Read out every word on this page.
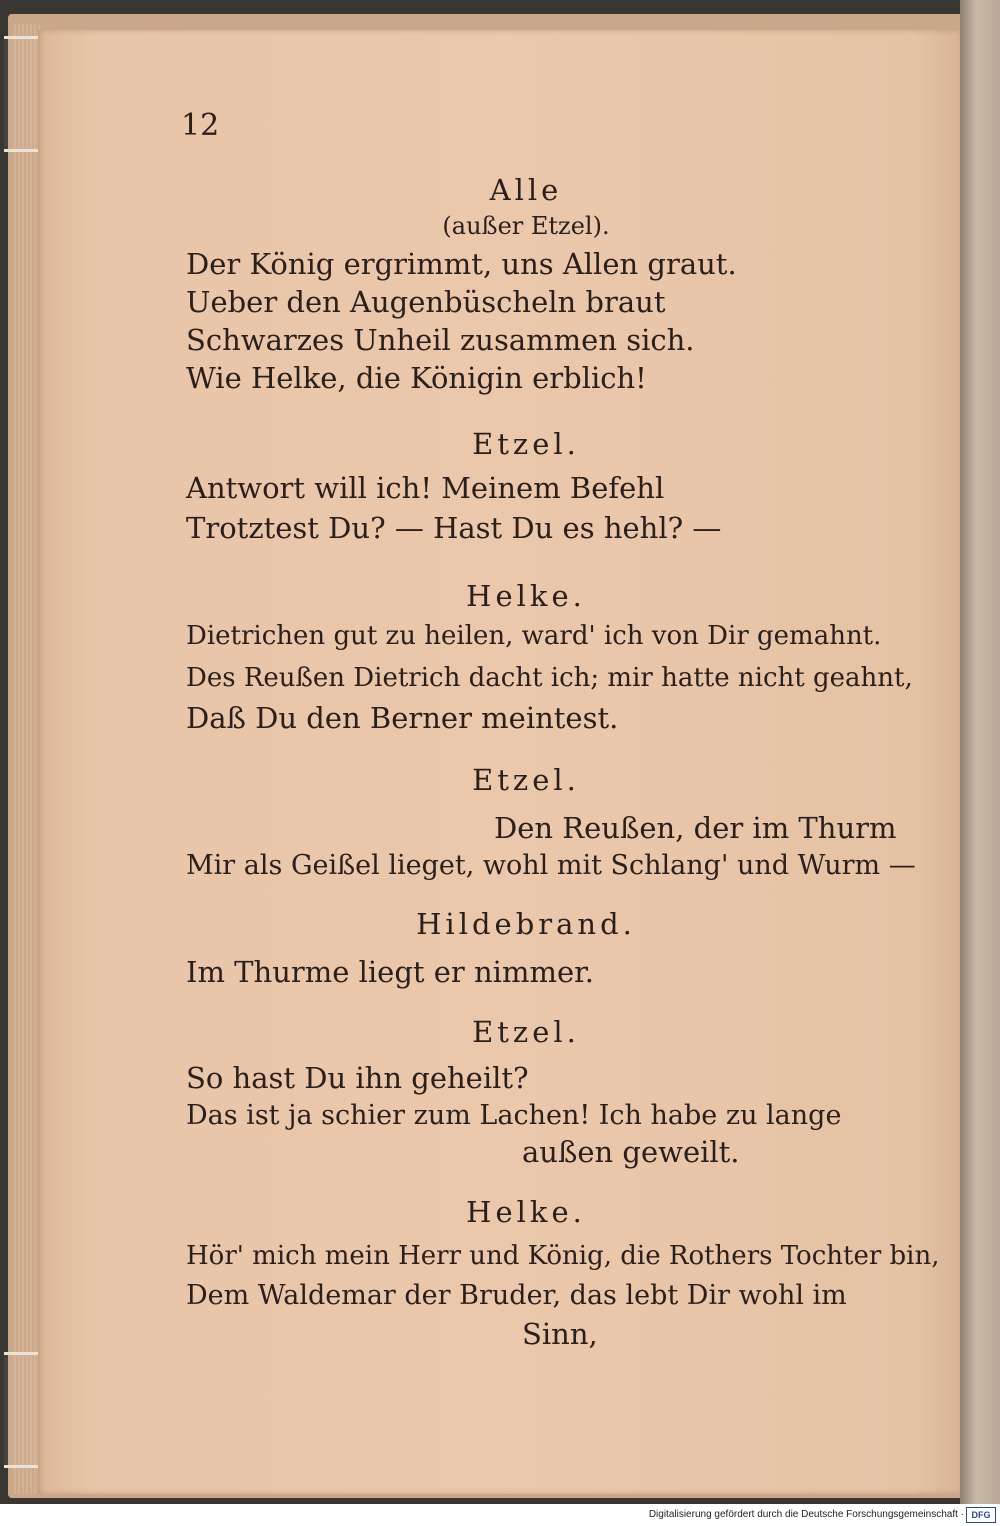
12
Alle
(außer Etzel).
Der König ergrimmt, uns Allen graut.
Ueber den Augenbüscheln braut
Schwarzes Unheil zusammen sich.
Wie Helke, die Königin erblich!
Etzel.
Antwort will ich! Meinem Befehl
Trotztest Du? — Hast Du es hehl? —
Helke.
Dietrichen gut zu heilen, ward' ich von Dir gemahnt.
Des Reußen Dietrich dacht ich; mir hatte nicht geahnt,
Daß Du den Berner meintest.
Etzel.
Den Reußen, der im Thurm
Mir als Geißel lieget, wohl mit Schlang' und Wurm —
Hildebrand.
Im Thurme liegt er nimmer.
Etzel.
So hast Du ihn geheilt?
Das ist ja schier zum Lachen! Ich habe zu lange
außen geweilt.
Helke.
Hör' mich mein Herr und König, die Rothers Tochter bin,
Dem Waldemar der Bruder, das lebt Dir wohl im
Sinn,
Digitalisierung gefördert durch die Deutsche Forschungsgemeinschaft · DFG
